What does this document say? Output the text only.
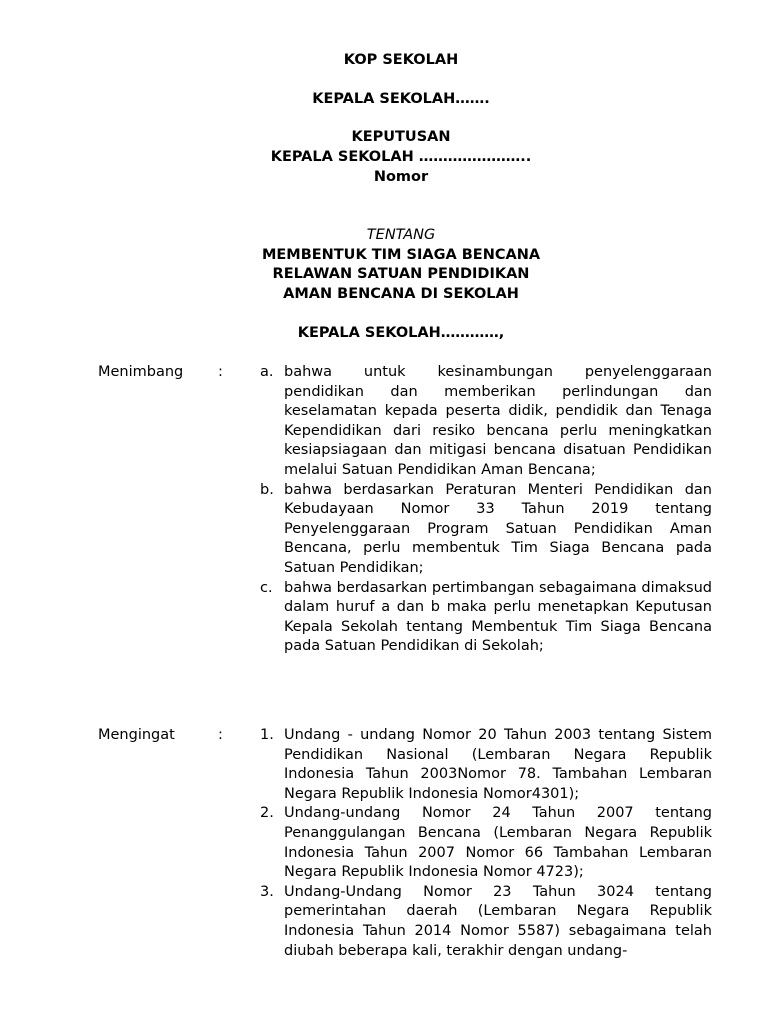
KOP SEKOLAH
KEPALA SEKOLAH…….
KEPUTUSAN
KEPALA SEKOLAH …………………..
Nomor
TENTANG
MEMBENTUK TIM SIAGA BENCANA
RELAWAN SATUAN PENDIDIKAN
AMAN BENCANA DI SEKOLAH
KEPALA SEKOLAH…………,
Menimbang :	a. bahwa untuk kesinambungan penyelenggaraan pendidikan dan memberikan perlindungan dan keselamatan kepada peserta didik, pendidik dan Tenaga Kependidikan dari resiko bencana perlu meningkatkan kesiapsiagaan dan mitigasi bencana disatuan Pendidikan melalui Satuan Pendidikan Aman Bencana;
b. bahwa berdasarkan Peraturan Menteri Pendidikan dan Kebudayaan Nomor 33 Tahun 2019 tentang Penyelenggaraan Program Satuan Pendidikan Aman Bencana, perlu membentuk Tim Siaga Bencana pada Satuan Pendidikan;
c. bahwa berdasarkan pertimbangan sebagaimana dimaksud dalam huruf a dan b maka perlu menetapkan Keputusan Kepala Sekolah tentang Membentuk Tim Siaga Bencana pada Satuan Pendidikan di Sekolah;
Mengingat	:	1. Undang - undang Nomor 20 Tahun 2003 tentang Sistem Pendidikan Nasional (Lembaran Negara Republik Indonesia Tahun 2003Nomor 78. Tambahan Lembaran Negara Republik Indonesia Nomor4301);
2. Undang-undang Nomor 24 Tahun 2007 tentang Penanggulangan Bencana (Lembaran Negara Republik Indonesia Tahun 2007 Nomor 66 Tambahan Lembaran Negara Republik Indonesia Nomor 4723);
3. Undang-Undang Nomor 23 Tahun 3024 tentang pemerintahan daerah (Lembaran Negara Republik Indonesia Tahun 2014 Nomor 5587) sebagaimana telah diubah beberapa kali, terakhir dengan undang-
